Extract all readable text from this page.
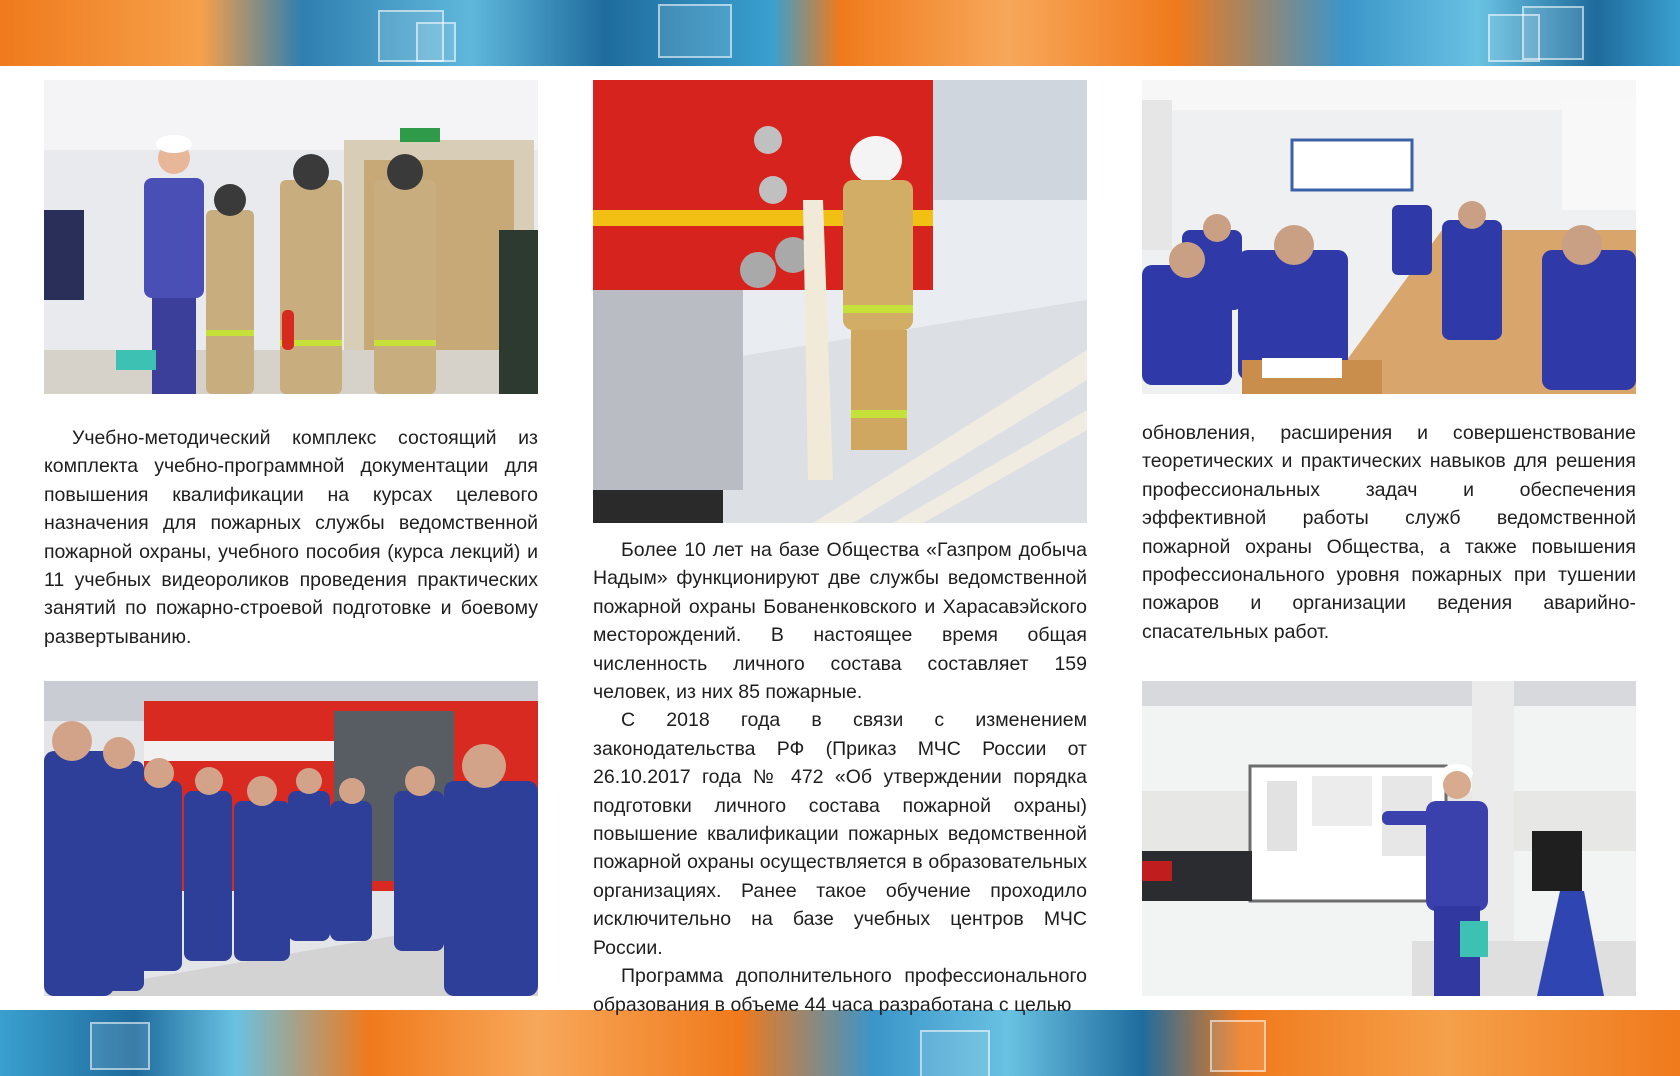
Учебно-методический комплекс состоящий из комплекта учебно-программной документации для повышения квалификации на курсах целевого назначения для пожарных службы ведомственной пожарной охраны, учебного пособия (курса лекций) и 11 учебных видеороликов проведения практических занятий по пожарно-строевой подготовке и боевому развертыванию.

Более 10 лет на базе Общества «Газпром добыча Надым» функционируют две службы ведомственной пожарной охраны Бованенковского и Харасавэйского месторождений. В настоящее время общая численность личного состава составляет 159 человек, из них 85 пожарные.

С 2018 года в связи с изменением законодательства РФ (Приказ МЧС России от 26.10.2017 года № 472 «Об утверждении порядка подготовки личного состава пожарной охраны) повышение квалификации пожарных ведомственной пожарной охраны осуществляется в образовательных организациях. Ранее такое обучение проходило исключительно на базе учебных центров МЧС России.

Программа дополнительного профессионального образования в объеме 44 часа разработана с целью

обновления, расширения и совершенствование теоретических и практических навыков для решения профессиональных задач и обеспечения эффективной работы служб ведомственной пожарной охраны Общества, а также повышения профессионального уровня пожарных при тушении пожаров и организации ведения аварийно-спасательных работ.
